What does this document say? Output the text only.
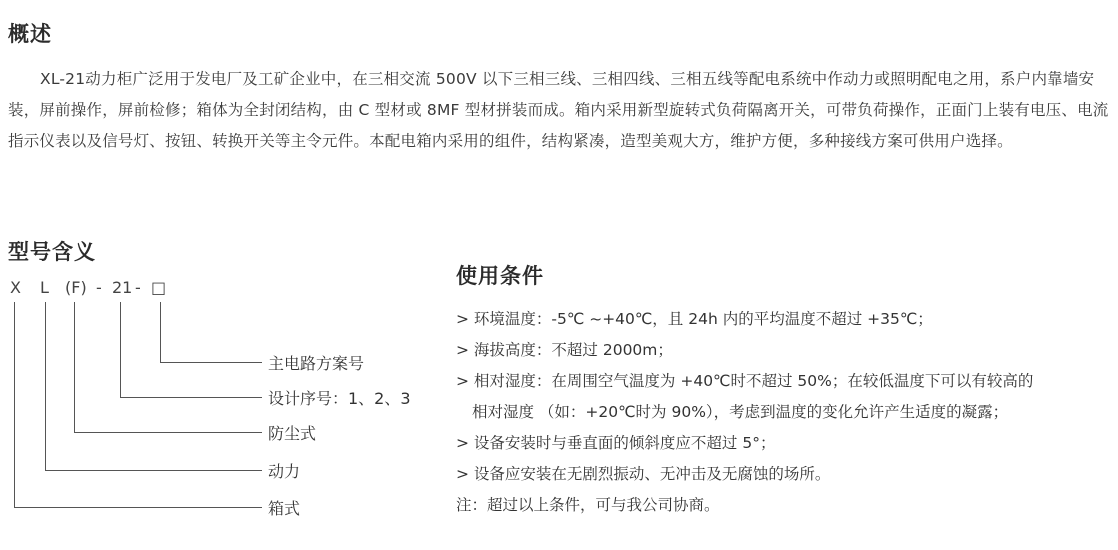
概述

XL-21动力柜广泛用于发电厂及工矿企业中，在三相交流 500V 以下三相三线、三相四线、三相五线等配电系统中作动力或照明配电之用，系户内靠墙安装，屏前操作，屏前检修；箱体为全封闭结构，由 C 型材或 8MF 型材拼装而成。箱内采用新型旋转式负荷隔离开关，可带负荷操作，正面门上装有电压、电流指示仪表以及信号灯、按钮、转换开关等主令元件。本配电箱内采用的组件，结构紧凑，造型美观大方，维护方便，多种接线方案可供用户选择。

型号含义
X L (F) - 21 - □
主电路方案号
设计序号：1、2、3
防尘式
动力
箱式
使用条件
> 环境温度：-5℃ ~+40℃，且 24h 内的平均温度不超过 +35℃；
> 海拔高度：不超过 2000m；
> 相对湿度：在周围空气温度为 +40℃时不超过 50%；在较低温度下可以有较高的
相对湿度 （如：+20℃时为 90%），考虑到温度的变化允许产生适度的凝露；
> 设备安装时与垂直面的倾斜度应不超过 5°；
> 设备应安装在无剧烈振动、无冲击及无腐蚀的场所。
注：超过以上条件，可与我公司协商。
